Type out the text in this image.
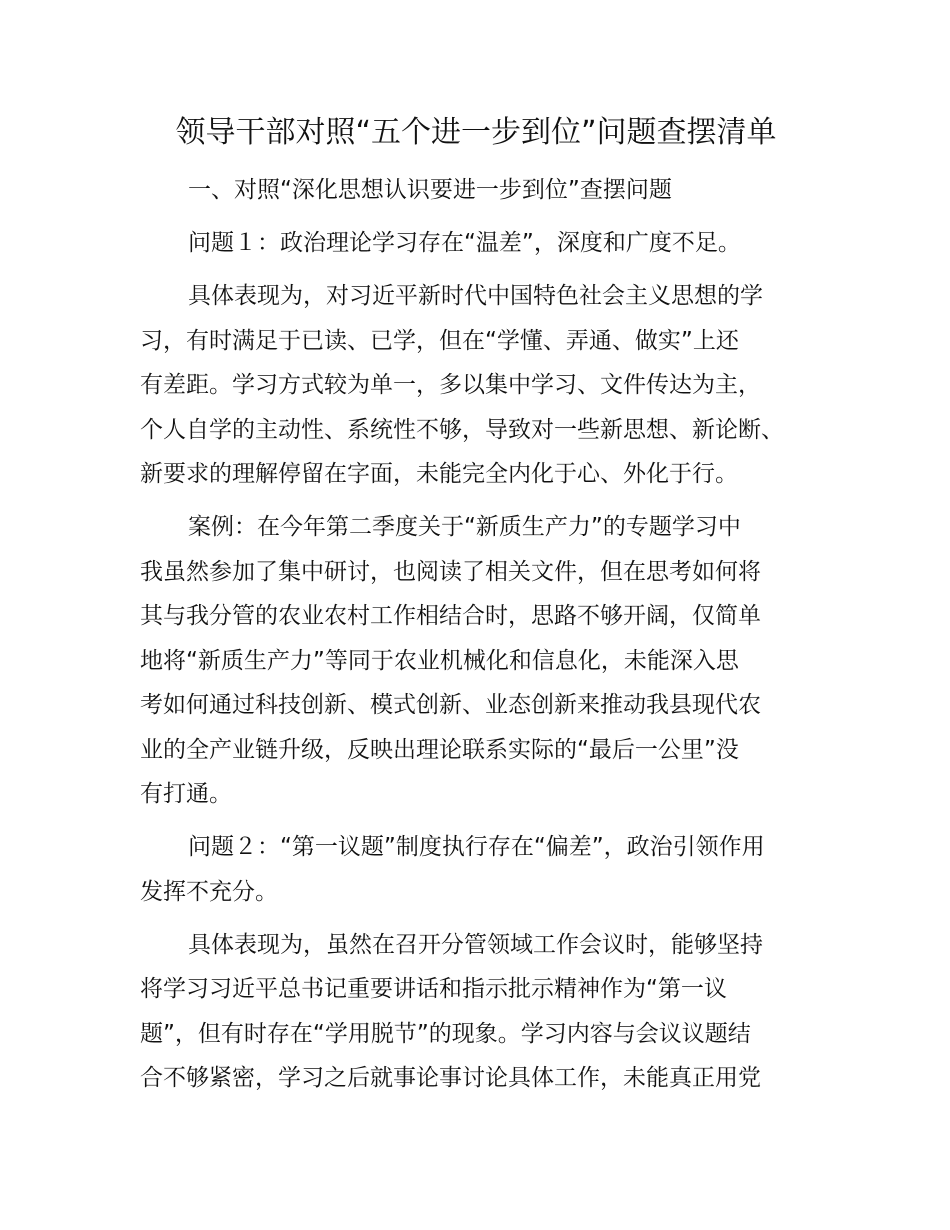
领导干部对照“五个进一步到位”问题查摆清单
一、对照“深化思想认识要进一步到位”查摆问题
问题１：政治理论学习存在“温差”，深度和广度不足。
具体表现为，对习近平新时代中国特色社会主义思想的学
习，有时满足于已读、已学，但在“学懂、弄通、做实”上还
有差距。学习方式较为单一，多以集中学习、文件传达为主，
个人自学的主动性、系统性不够，导致对一些新思想、新论断、
新要求的理解停留在字面，未能完全内化于心、外化于行。
案例：在今年第二季度关于“新质生产力”的专题学习中
我虽然参加了集中研讨，也阅读了相关文件，但在思考如何将
其与我分管的农业农村工作相结合时，思路不够开阔，仅简单
地将“新质生产力”等同于农业机械化和信息化，未能深入思
考如何通过科技创新、模式创新、业态创新来推动我县现代农
业的全产业链升级，反映出理论联系实际的“最后一公里”没
有打通。
问题２：“第一议题”制度执行存在“偏差”，政治引领作用
发挥不充分。
具体表现为，虽然在召开分管领域工作会议时，能够坚持
将学习习近平总书记重要讲话和指示批示精神作为“第一议
题”，但有时存在“学用脱节”的现象。学习内容与会议议题结
合不够紧密，学习之后就事论事讨论具体工作，未能真正用党
